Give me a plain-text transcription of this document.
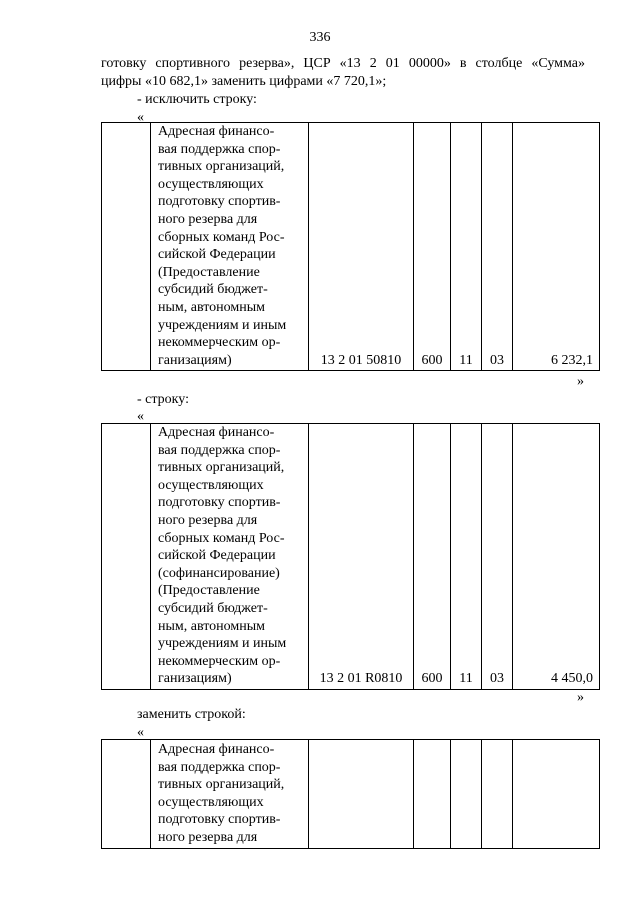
336
готовку спортивного резерва», ЦСР «13 2 01 00000» в столбце «Сумма»
цифры «10 682,1» заменить цифрами «7 720,1»;
- исключить строку:
«

Адресная финансо-
вая поддержка спор-
тивных организаций,
осуществляющих
подготовку спортив-
ного резерва для
сборных команд Рос-
сийской Федерации
(Предоставление
субсидий бюджет-
ным, автономным
учреждениям и иным
некоммерческим ор-
ганизациям)	13 2 01 50810	600	11	03	6 232,1
»
- строку:
«

Адресная финансо-
вая поддержка спор-
тивных организаций,
осуществляющих
подготовку спортив-
ного резерва для
сборных команд Рос-
сийской Федерации
(софинансирование)
(Предоставление
субсидий бюджет-
ным, автономным
учреждениям и иным
некоммерческим ор-
ганизациям)	13 2 01 R0810	600	11	03	4 450,0
»
заменить строкой:
«

Адресная финансо-
вая поддержка спор-
тивных организаций,
осуществляющих
подготовку спортив-
ного резерва для
